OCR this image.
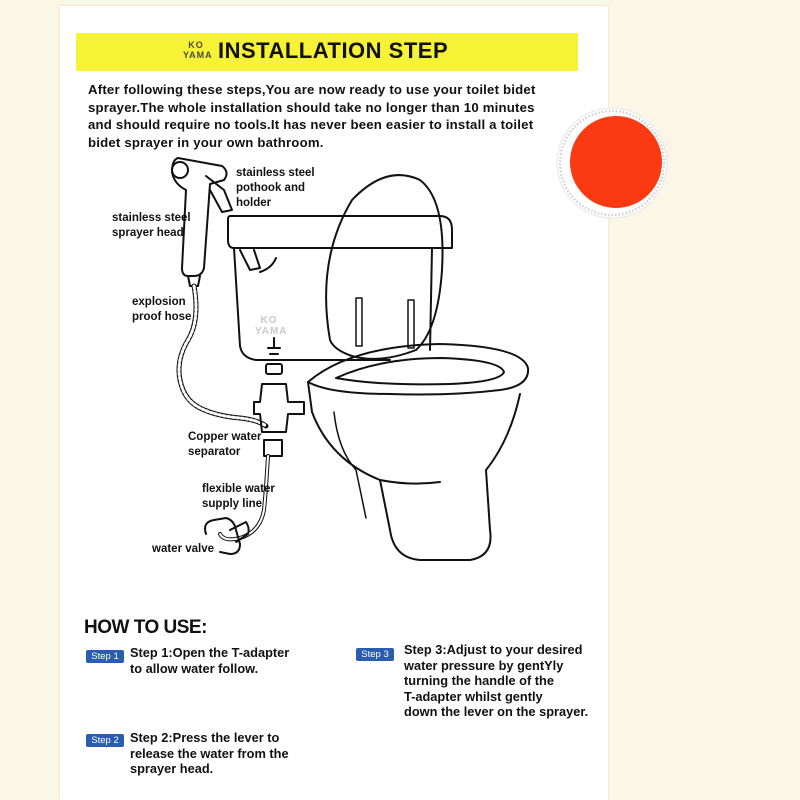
KO
YAMA INSTALLATION STEP
After following these steps,You are now ready to use your toilet bidet
sprayer.The whole installation should take no longer than 10 minutes
and should require no tools.It has never been easier to install a toilet
bidet sprayer in your own bathroom.
stainless steel
pothook and
holder
stainless steel
sprayer head
explosion
proof hose
Copper water
separator
flexible water
supply line
water valve
KO
YAMA
HOW TO USE:
Step 1 Step 1:Open the T-adapter
to allow water follow.
Step 2 Step 2:Press the lever to
release the water from the
sprayer head.
Step 3	Step 3:Adjust to your desired
water pressure by gentYly
turning the handle of the
T-adapter whilst gently
down the lever on the sprayer.
